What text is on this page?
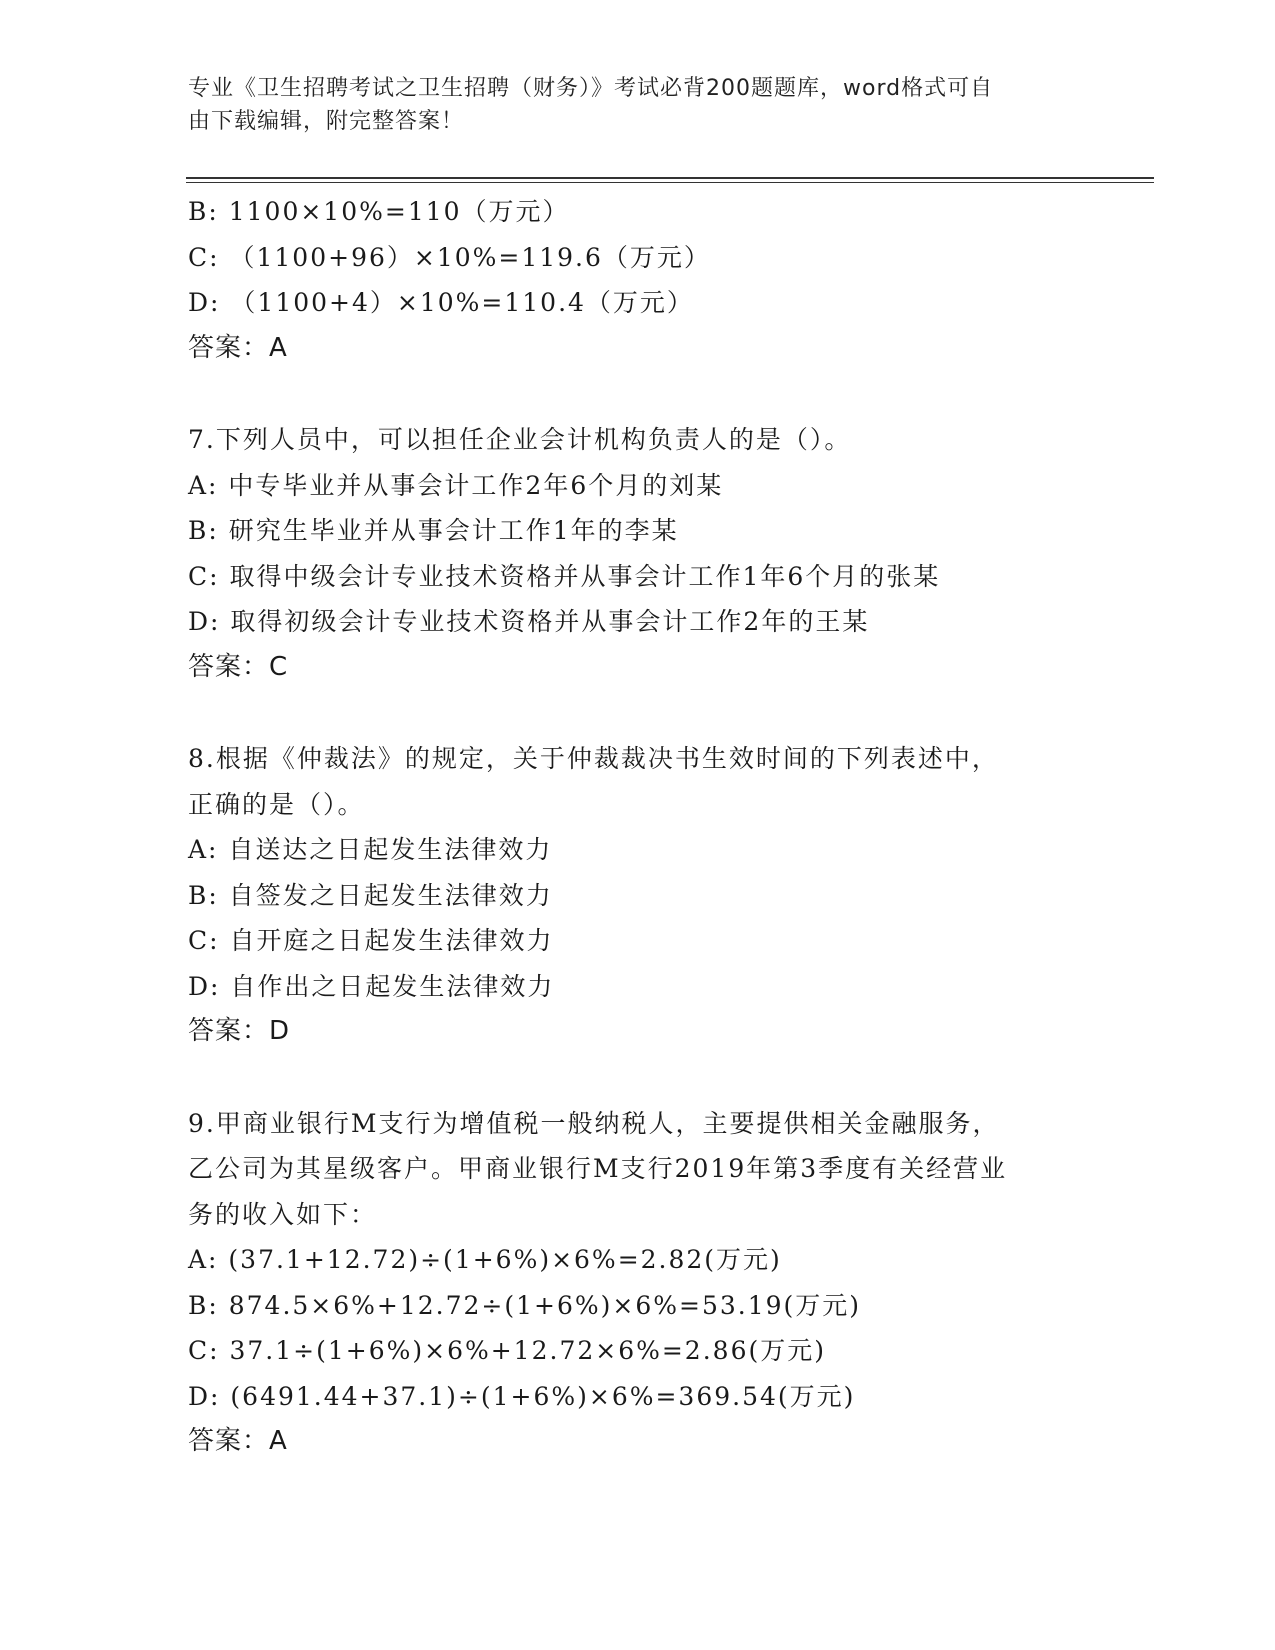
专业《卫生招聘考试之卫生招聘（财务）》考试必背200题题库，word格式可自
由下载编辑，附完整答案！
B: 1100×10%=110（万元）
C: （1100+96）×10%=119.6（万元）
D: （1100+4）×10%=110.4（万元）
答案：A
7.下列人员中，可以担任企业会计机构负责人的是（）。
A: 中专毕业并从事会计工作2年6个月的刘某
B: 研究生毕业并从事会计工作1年的李某
C: 取得中级会计专业技术资格并从事会计工作1年6个月的张某
D: 取得初级会计专业技术资格并从事会计工作2年的王某
答案：C
8.根据《仲裁法》的规定，关于仲裁裁决书生效时间的下列表述中，
正确的是（）。
A: 自送达之日起发生法律效力
B: 自签发之日起发生法律效力
C: 自开庭之日起发生法律效力
D: 自作出之日起发生法律效力
答案：D
9.甲商业银行M支行为增值税一般纳税人，主要提供相关金融服务，
乙公司为其星级客户。甲商业银行M支行2019年第3季度有关经营业
务的收入如下：
A: (37.1+12.72)÷(1+6%)×6%=2.82(万元)
B: 874.5×6%+12.72÷(1+6%)×6%=53.19(万元)
C: 37.1÷(1+6%)×6%+12.72×6%=2.86(万元)
D: (6491.44+37.1)÷(1+6%)×6%=369.54(万元)
答案：A
